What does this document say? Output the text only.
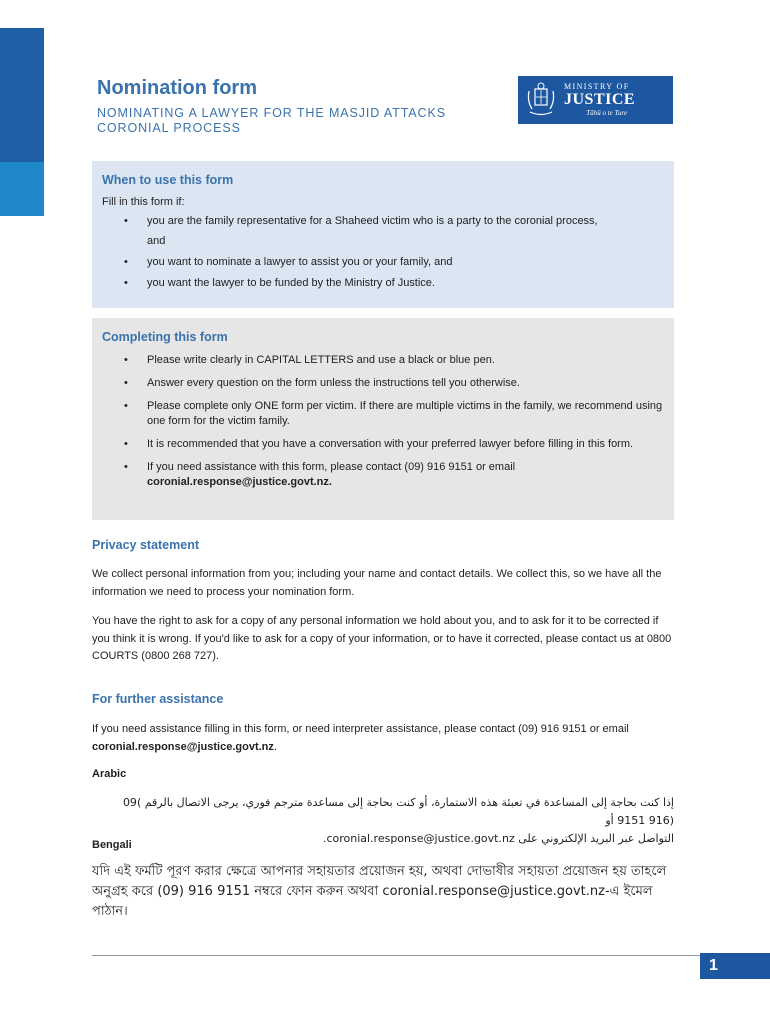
Nomination form
NOMINATING A LAWYER FOR THE MASJID ATTACKS CORONIAL PROCESS
MINISTRY OF
JUSTICE
Tāhū o te Ture
When to use this form

Fill in this form if:

• you are the family representative for a Shaheed victim who is a party to the coronial process,
and
• you want to nominate a lawyer to assist you or your family, and
• you want the lawyer to be funded by the Ministry of Justice.
Completing this form
• Please write clearly in CAPITAL LETTERS and use a black or blue pen.
• Answer every question on the form unless the instructions tell you otherwise.
• Please complete only ONE form per victim. If there are multiple victims in the family, we recommend using one form for the victim family.
• It is recommended that you have a conversation with your preferred lawyer before filling in this form.
• If you need assistance with this form, please contact (09) 916 9151 or email
coronial.response@justice.govt.nz.
Privacy statement

We collect personal information from you; including your name and contact details. We collect this, so we have all the information we need to process your nomination form.

You have the right to ask for a copy of any personal information we hold about you, and to ask for it to be corrected if you think it is wrong. If you'd like to ask for a copy of your information, or to have it corrected, please contact us at 0800 COURTS (0800 268 727).

For further assistance

If you need assistance filling in this form, or need interpreter assistance, please contact (09) 916 9151 or email coronial.response@justice.govt.nz.

Arabic
إذا كنت بحاجة إلى المساعدة في تعبئة هذه الاستمارة، أو كنت بحاجة إلى مساعدة مترجم فوري، يرجى الاتصال بالرقم )09 (916 9151 أو
التواصل عبر البريد الإلكتروني على coronial.response@justice.govt.nz.
Bengali
যদি এই ফর্মটি পূরণ করার ক্ষেত্রে আপনার সহায়তার প্রয়োজন হয়, অথবা দোভাষীর সহায়তা প্রয়োজন হয় তাহলে অনুগ্রহ করে (09) 916 9151 নম্বরে ফোন করুন অথবা coronial.response@justice.govt.nz-এ ইমেল পাঠান।
1
